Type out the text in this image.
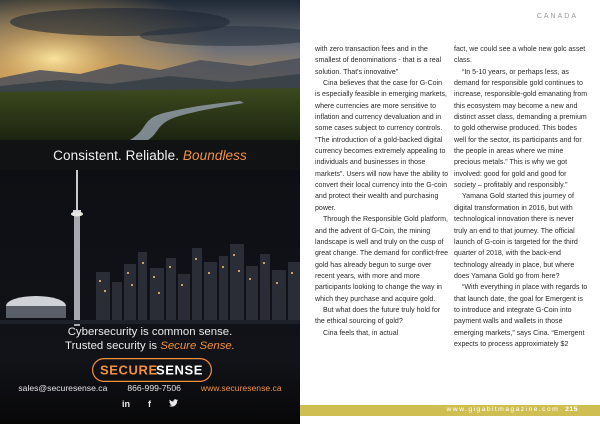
Consistent. Reliable. Boundless
Cybersecurity is common sense.
Trusted security is Secure Sense.
SECURE
SENSE
sales@securesense.ca 866-999-7506 www.securesense.ca
in f
CANADA

with zero transaction fees and in the smallest of denominations - that is a real solution. That's innovative”

Cina believes that the case for G-Coin is especially feasible in emerging markets, where currencies are more sensitive to inflation and currency devaluation and in some cases subject to currency controls. “The introduction of a gold-backed digital currency becomes extremely appealing to individuals and businesses in those markets”. Users will now have the ability to convert their local currency into the G-coin and protect their wealth and purchasing power.

Through the Responsible Gold platform, and the advent of G-Coin, the mining landscape is well and truly on the cusp of great change. The demand for conflict-free gold has already begun to surge over recent years, with more and more participants looking to change the way in which they purchase and acquire gold.

But what does the future truly hold for the ethical sourcing of gold?

Cina feels that, in actual

fact, we could see a whole new golc asset class.

“In 5-10 years, or perhaps less, as demand for responsible gold continues to increase, responsible-gold emanating from this ecosystem may become a new and distinct asset class, demanding a premium to gold otherwise produced. This bodes well for the sector, its participants and for the people in areas where we mine precious metals.” This is why we got involved: good for gold and good for society – profitably and responsibly.”

Yamana Gold started this journey of digital transformation in 2016, but with technological innovation there is never truly an end to that journey. The official launch of G-coin is targeted for the third quarter of 2018, with the back-end technology already in place, but where does Yamana Gold go from here?

“With everything in place with regards to that launch date, the goal for Emergent is to introduce and integrate G-Coin into payment walls and wallets in those emerging markets,” says Cina. “Emergent expects to process approximately $2

www.gigabitmagazine.com 215
